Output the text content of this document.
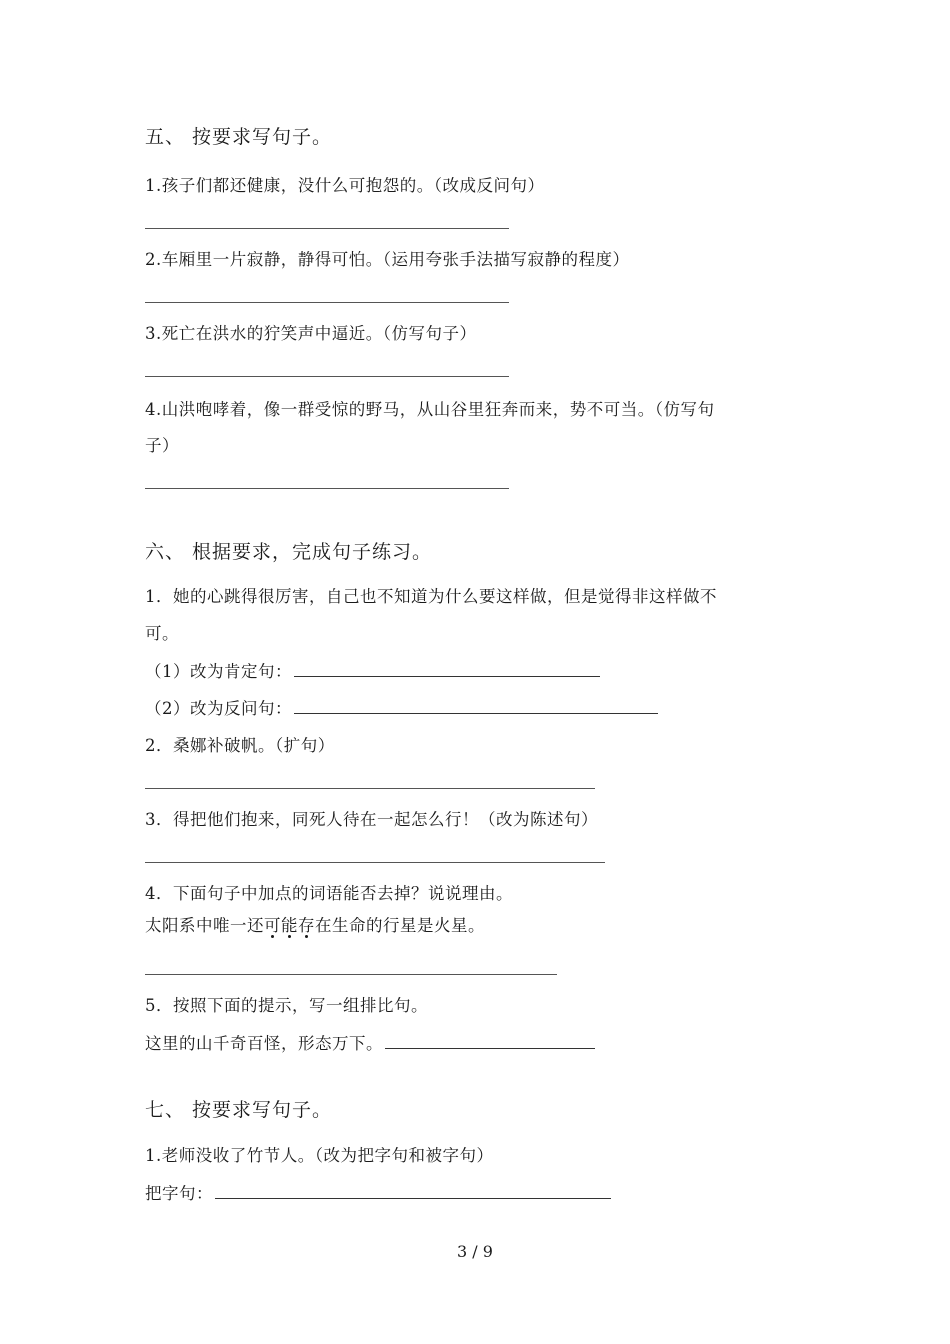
五、 按要求写句子。
1.孩子们都还健康，没什么可抱怨的。（改成反问句）
2.车厢里一片寂静，静得可怕。（运用夸张手法描写寂静的程度）
3.死亡在洪水的狞笑声中逼近。（仿写句子）
4.山洪咆哮着，像一群受惊的野马，从山谷里狂奔而来，势不可当。（仿写句
子）
六、 根据要求，完成句子练习。
1．她的心跳得很厉害，自己也不知道为什么要这样做，但是觉得非这样做不
可。
（1）改为肯定句：
（2）改为反问句：
2．桑娜补破帆。（扩句）
3．得把他们抱来，同死人待在一起怎么行！（改为陈述句）
4．下面句子中加点的词语能否去掉？说说理由。
太阳系中唯一还可能存在生命的行星是火星。
5．按照下面的提示，写一组排比句。
这里的山千奇百怪，形态万下。
七、 按要求写句子。
1.老师没收了竹节人。（改为把字句和被字句）
把字句：
3 / 9
